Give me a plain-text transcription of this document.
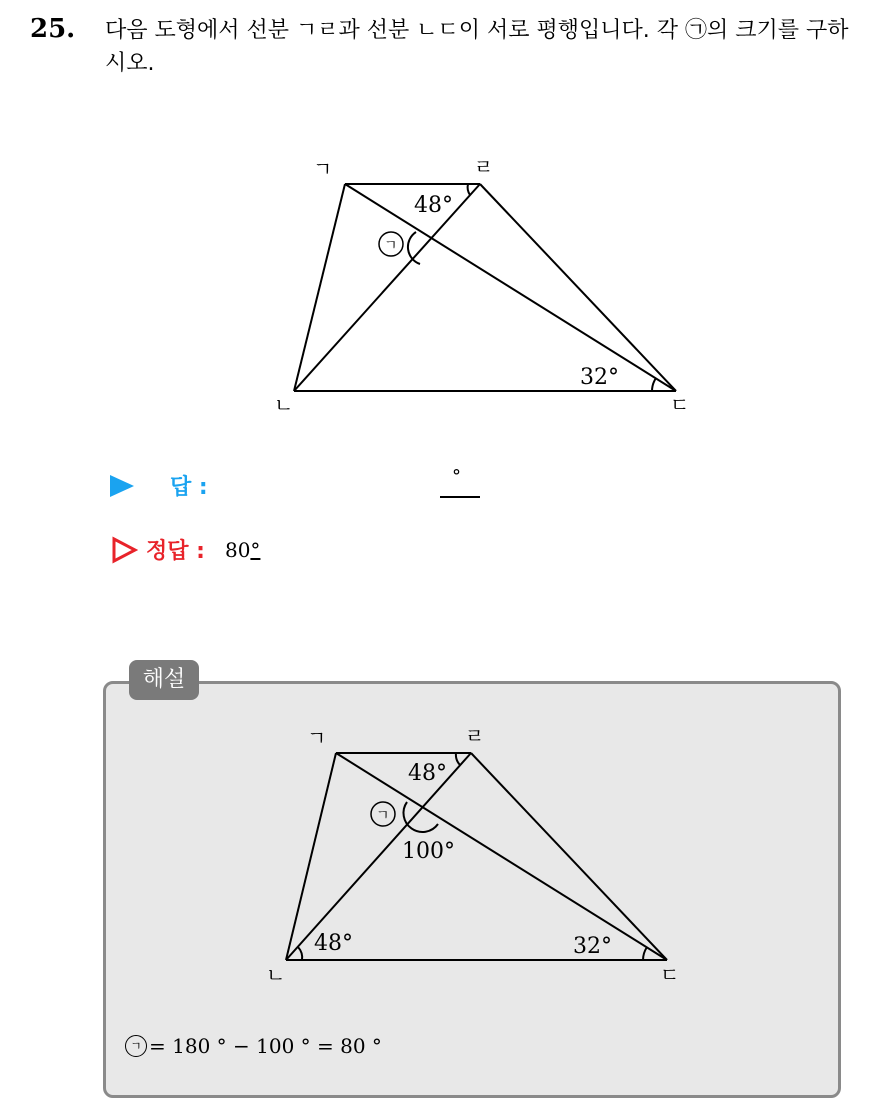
25. 다음 도형에서 선분 ㄱㄹ과 선분 ㄴㄷ이 서로 평행입니다. 각 ㉠의 크기를 구하시오.
ㄱ	ㄹ
ㄴ	ㄷ
48°
32°
ㄱ
답 :	°
정답 : 80°
해설
ㄱ	ㄹ
ㄴ	ㄷ
48°
100°
48°	32°
ㄱ
ㄱ = 180 ° − 100 ° = 80 °
